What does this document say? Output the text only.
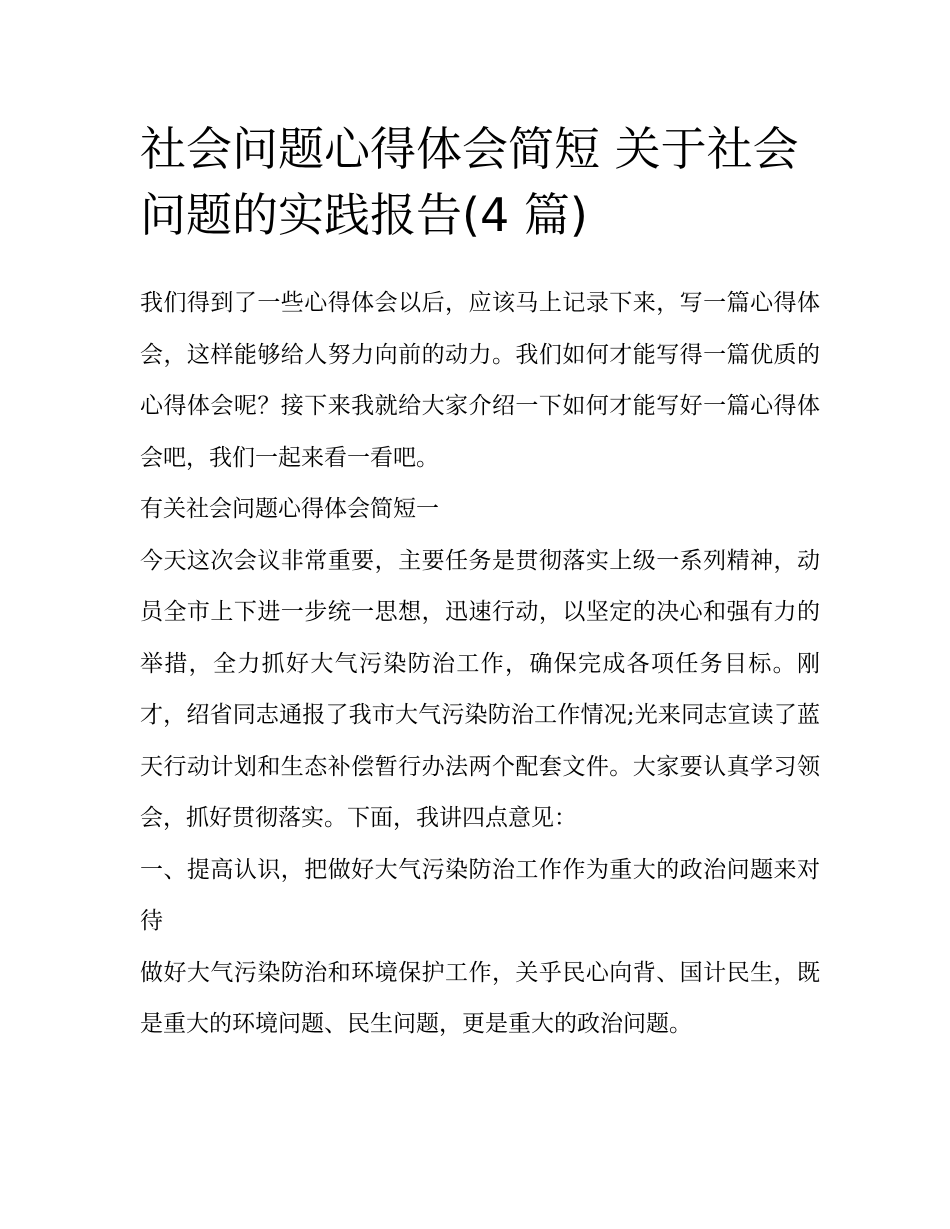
社会问题心得体会简短 关于社会问题的实践报告(4 篇)

我们得到了一些心得体会以后，应该马上记录下来，写一篇心得体会，这样能够给人努力向前的动力。我们如何才能写得一篇优质的心得体会呢？接下来我就给大家介绍一下如何才能写好一篇心得体会吧，我们一起来看一看吧。

有关社会问题心得体会简短一

今天这次会议非常重要，主要任务是贯彻落实上级一系列精神，动员全市上下进一步统一思想，迅速行动，以坚定的决心和强有力的举措，全力抓好大气污染防治工作，确保完成各项任务目标。刚才，绍省同志通报了我市大气污染防治工作情况;光来同志宣读了蓝天行动计划和生态补偿暂行办法两个配套文件。大家要认真学习领会，抓好贯彻落实。下面，我讲四点意见：

一、提高认识，把做好大气污染防治工作作为重大的政治问题来对待

做好大气污染防治和环境保护工作，关乎民心向背、国计民生，既是重大的环境问题、民生问题，更是重大的政治问题。
